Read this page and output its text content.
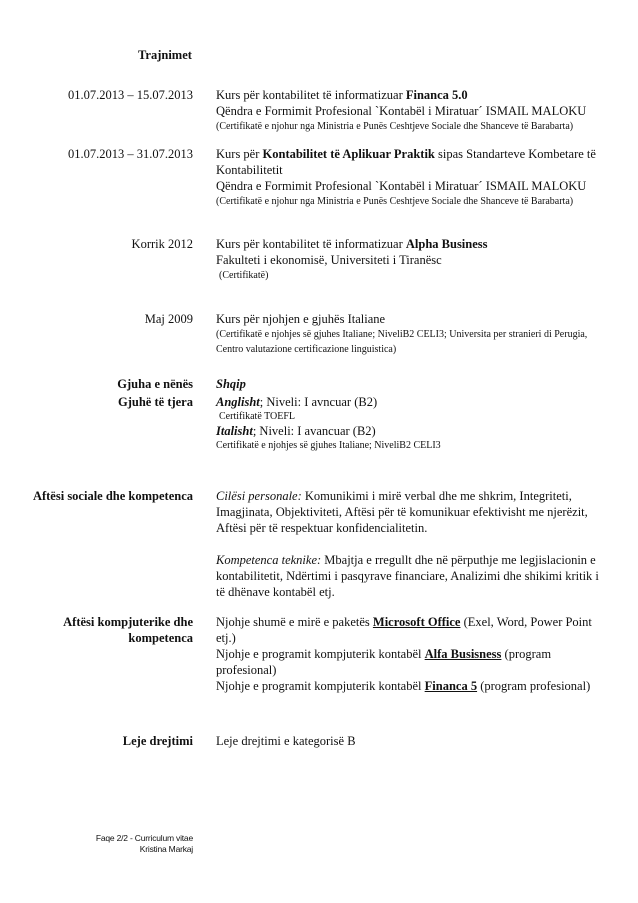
Trajnimet
01.07.2013 – 15.07.2013 Kurs për kontabilitet të informatizuar Financa 5.0
Qëndra e Formimit Profesional `Kontabël i Miratuar´ ISMAIL MALOKU
(Certifikatë e njohur nga Ministria e Punës Ceshtjeve Sociale dhe Shanceve të Barabarta)
01.07.2013 – 31.07.2013 Kurs për Kontabilitet të Aplikuar Praktik sipas Standarteve Kombetare të Kontabilitetit
Qëndra e Formimit Profesional `Kontabël i Miratuar´ ISMAIL MALOKU
(Certifikatë e njohur nga Ministria e Punës Ceshtjeve Sociale dhe Shanceve të Barabarta)
Korrik 2012 Kurs për kontabilitet të informatizuar Alpha Business
Fakulteti i ekonomisë, Universiteti i Tiranësc
(Certifikatë)
Maj 2009 Kurs për njohjen e gjuhës Italiane
(Certifikatë e njohjes së gjuhes Italiane; NiveliB2 CELI3; Universita per stranieri di Perugia, Centro valutazione certificazione linguistica)
Gjuha e nënës Shqip
Gjuhë të tjera Anglisht; Niveli: I avncuar (B2)
Certifikatë TOEFL
Italisht; Niveli: I avancuar (B2)
Certifikatë e njohjes së gjuhes Italiane; NiveliB2 CELI3
Aftësi sociale dhe kompetenca Cilësi personale: Komunikimi i mirë verbal dhe me shkrim, Integriteti, Imagjinata, Objektiviteti, Aftësi për të komunikuar efektivisht me njerëzit, Aftësi për të respektuar konfidencialitetin.
Kompetenca teknike: Mbajtja e rregullt dhe në përputhje me legjislacionin e kontabilitetit, Ndërtimi i pasqyrave financiare, Analizimi dhe shikimi kritik i të dhënave kontabël etj.
Aftësi kompjuterike dhe
kompetenca
Njohje shumë e mirë e paketës Microsoft Office (Exel, Word, Power Point etj.)
Njohje e programit kompjuterik kontabël Alfa Busisness (program profesional)
Njohje e programit kompjuterik kontabël Financa 5 (program profesional)
Leje drejtimi Leje drejtimi e kategorisë B
Faqe 2/2 - Curriculum vitae
Kristina Markaj
